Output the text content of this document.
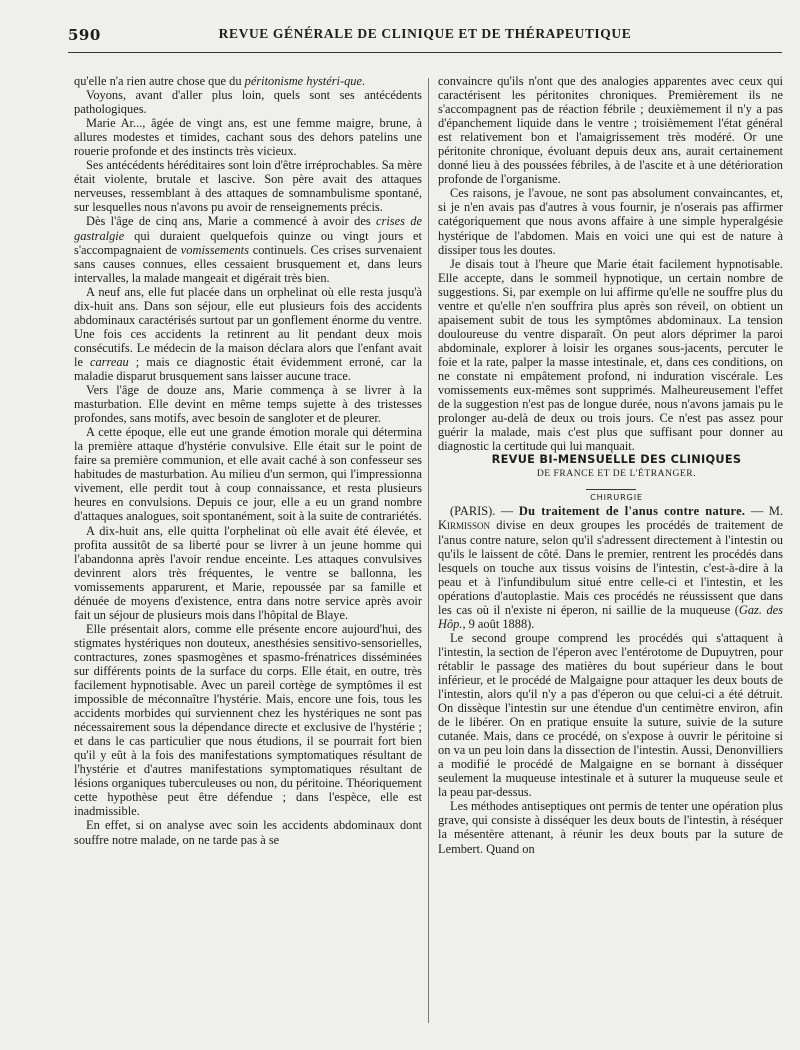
590	REVUE GÉNÉRALE DE CLINIQUE ET DE THÉRAPEUTIQUE

qu'elle n'a rien autre chose que du péritonisme hystéri-que.

Voyons, avant d'aller plus loin, quels sont ses antécédents pathologiques.

Marie Ar..., âgée de vingt ans, est une femme maigre, brune, à allures modestes et timides, cachant sous des dehors patelins une rouerie profonde et des instincts très vicieux.

Ses antécédents héréditaires sont loin d'être irréprochables. Sa mère était violente, brutale et lascive. Son père avait des attaques nerveuses, ressemblant à des attaques de somnambulisme spontané, sur lesquelles nous n'avons pu avoir de renseignements précis.

Dès l'âge de cinq ans, Marie a commencé à avoir des crises de gastralgie qui duraient quelquefois quinze ou vingt jours et s'accompagnaient de vomissements continuels. Ces crises survenaient sans causes connues, elles cessaient brusquement et, dans leurs intervalles, la malade mangeait et digérait très bien.

A neuf ans, elle fut placée dans un orphelinat où elle resta jusqu'à dix-huit ans. Dans son séjour, elle eut plusieurs fois des accidents abdominaux caractérisés surtout par un gonflement énorme du ventre. Une fois ces accidents la retinrent au lit pendant deux mois consécutifs. Le médecin de la maison déclara alors que l'enfant avait le carreau ; mais ce diagnostic était évidemment erroné, car la maladie disparut brusquement sans laisser aucune trace.

Vers l'âge de douze ans, Marie commença à se livrer à la masturbation. Elle devint en même temps sujette à des tristesses profondes, sans motifs, avec besoin de sangloter et de pleurer.

A cette époque, elle eut une grande émotion morale qui détermina la première attaque d'hystérie convulsive. Elle était sur le point de faire sa première communion, et elle avait caché à son confesseur ses habitudes de masturbation. Au milieu d'un sermon, qui l'impressionna vivement, elle perdit tout à coup connaissance, et resta plusieurs heures en convulsions. Depuis ce jour, elle a eu un grand nombre d'attaques analogues, soit spontanément, soit à la suite de contrariétés.

A dix-huit ans, elle quitta l'orphelinat où elle avait été élevée, et profita aussitôt de sa liberté pour se livrer à un jeune homme qui l'abandonna après l'avoir rendue enceinte. Les attaques convulsives devinrent alors très fréquentes, le ventre se ballonna, les vomissements apparurent, et Marie, repoussée par sa famille et dénuée de moyens d'existence, entra dans notre service après avoir fait un séjour de plusieurs mois dans l'hôpital de Blaye.

Elle présentait alors, comme elle présente encore aujourd'hui, des stigmates hystériques non douteux, anesthésies sensitivo-sensorielles, contractures, zones spasmogènes et spasmo-frénatrices disséminées sur différents points de la surface du corps. Elle était, en outre, très facilement hypnotisable. Avec un pareil cortège de symptômes il est impossible de méconnaître l'hystérie. Mais, encore une fois, tous les accidents morbides qui surviennent chez les hystériques ne sont pas nécessairement sous la dépendance directe et exclusive de l'hystérie ; et dans le cas particulier que nous étudions, il se pourrait fort bien qu'il y eût à la fois des manifestations symptomatiques résultant de l'hystérie et d'autres manifestations symptomatiques résultant de lésions organiques tuberculeuses ou non, du péritoine. Théoriquement cette hypothèse peut être défendue ; dans l'espèce, elle est inadmissible.

En effet, si on analyse avec soin les accidents abdominaux dont souffre notre malade, on ne tarde pas à se

convaincre qu'ils n'ont que des analogies apparentes avec ceux qui caractérisent les péritonites chroniques. Premièrement ils ne s'accompagnent pas de réaction fébrile ; deuxièmement il n'y a pas d'épanchement liquide dans le ventre ; troisièmement l'état général est relativement bon et l'amaigrissement très modéré. Or une péritonite chronique, évoluant depuis deux ans, aurait certainement donné lieu à des poussées fébriles, à de l'ascite et à une détérioration profonde de l'organisme.

Ces raisons, je l'avoue, ne sont pas absolument convaincantes, et, si je n'en avais pas d'autres à vous fournir, je n'oserais pas affirmer catégoriquement que nous avons affaire à une simple hyperalgésie hystérique de l'abdomen. Mais en voici une qui est de nature à dissiper tous les doutes.

Je disais tout à l'heure que Marie était facilement hypnotisable. Elle accepte, dans le sommeil hypnotique, un certain nombre de suggestions. Si, par exemple on lui affirme qu'elle ne souffre plus du ventre et qu'elle n'en souffrira plus après son réveil, on obtient un apaisement subit de tous les symptômes abdominaux. La tension douloureuse du ventre disparaît. On peut alors déprimer la paroi abdominale, explorer à loisir les organes sous-jacents, percuter le foie et la rate, palper la masse intestinale, et, dans ces conditions, on ne constate ni empâtement profond, ni induration viscérale. Les vomissements eux-mêmes sont supprimés. Malheureusement l'effet de la suggestion n'est pas de longue durée, nous n'avons jamais pu le prolonger au-delà de deux ou trois jours. Ce n'est pas assez pour guérir la malade, mais c'est plus que suffisant pour donner au diagnostic la certitude qui lui manquait.

REVUE BI-MENSUELLE DES CLINIQUES

DE FRANCE ET DE L'ÉTRANGER.

CHIRURGIE

(PARIS). — Du traitement de l'anus contre nature. — M. Kirmisson divise en deux groupes les procédés de traitement de l'anus contre nature, selon qu'il s'adressent directement à l'intestin ou qu'ils le laissent de côté. Dans le premier, rentrent les procédés dans lesquels on touche aux tissus voisins de l'intestin, c'est-à-dire à la peau et à l'infundibulum situé entre celle-ci et l'intestin, et les opérations d'autoplastie. Mais ces procédés ne réussissent que dans les cas où il n'existe ni éperon, ni saillie de la muqueuse (Gaz. des Hôp., 9 août 1888).

Le second groupe comprend les procédés qui s'attaquent à l'intestin, la section de l'éperon avec l'entérotome de Dupuytren, pour rétablir le passage des matières du bout supérieur dans le bout inférieur, et le procédé de Malgaigne pour attaquer les deux bouts de l'intestin, alors qu'il n'y a pas d'éperon ou que celui-ci a été détruit. On dissèque l'intestin sur une étendue d'un centimètre environ, afin de le libérer. On en pratique ensuite la suture, suivie de la suture cutanée. Mais, dans ce procédé, on s'expose à ouvrir le péritoine si on va un peu loin dans la dissection de l'intestin. Aussi, Denonvilliers a modifié le procédé de Malgaigne en se bornant à disséquer seulement la muqueuse intestinale et à suturer la muqueuse seule et la peau par-dessus.

Les méthodes antiseptiques ont permis de tenter une opération plus grave, qui consiste à disséquer les deux bouts de l'intestin, à réséquer la mésentère attenant, à réunir les deux bouts par la suture de Lembert. Quand on
